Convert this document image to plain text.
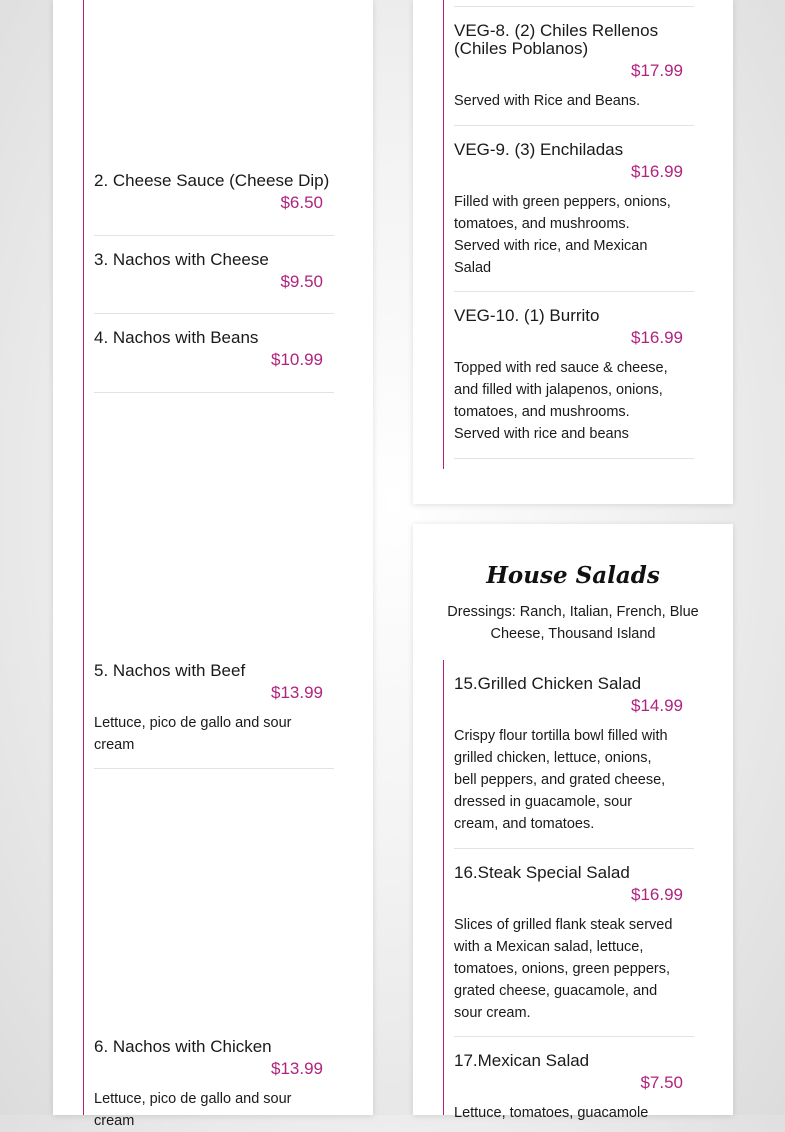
2. Cheese Sauce (Cheese Dip)
$6.50
3. Nachos with Cheese
$9.50
4. Nachos with Beans
$10.99
5. Nachos with Beef
$13.99
Lettuce, pico de gallo and sour cream
6. Nachos with Chicken
$13.99
Lettuce, pico de gallo and sour cream
VEG-8. (2) Chiles Rellenos (Chiles Poblanos)
$17.99
Served with Rice and Beans.
VEG-9. (3) Enchiladas
$16.99
Filled with green peppers, onions, tomatoes, and mushrooms. Served with rice, and Mexican Salad
VEG-10. (1) Burrito
$16.99
Topped with red sauce & cheese, and filled with jalapenos, onions, tomatoes, and mushrooms. Served with rice and beans
House Salads
Dressings: Ranch, Italian, French, Blue Cheese, Thousand Island
15.Grilled Chicken Salad
$14.99
Crispy flour tortilla bowl filled with grilled chicken, lettuce, onions, bell peppers, and grated cheese, dressed in guacamole, sour cream, and tomatoes.
16.Steak Special Salad
$16.99
Slices of grilled flank steak served with a Mexican salad, lettuce, tomatoes, onions, green peppers, grated cheese, guacamole, and sour cream.
17.Mexican Salad
$7.50
Lettuce, tomatoes, guacamole
